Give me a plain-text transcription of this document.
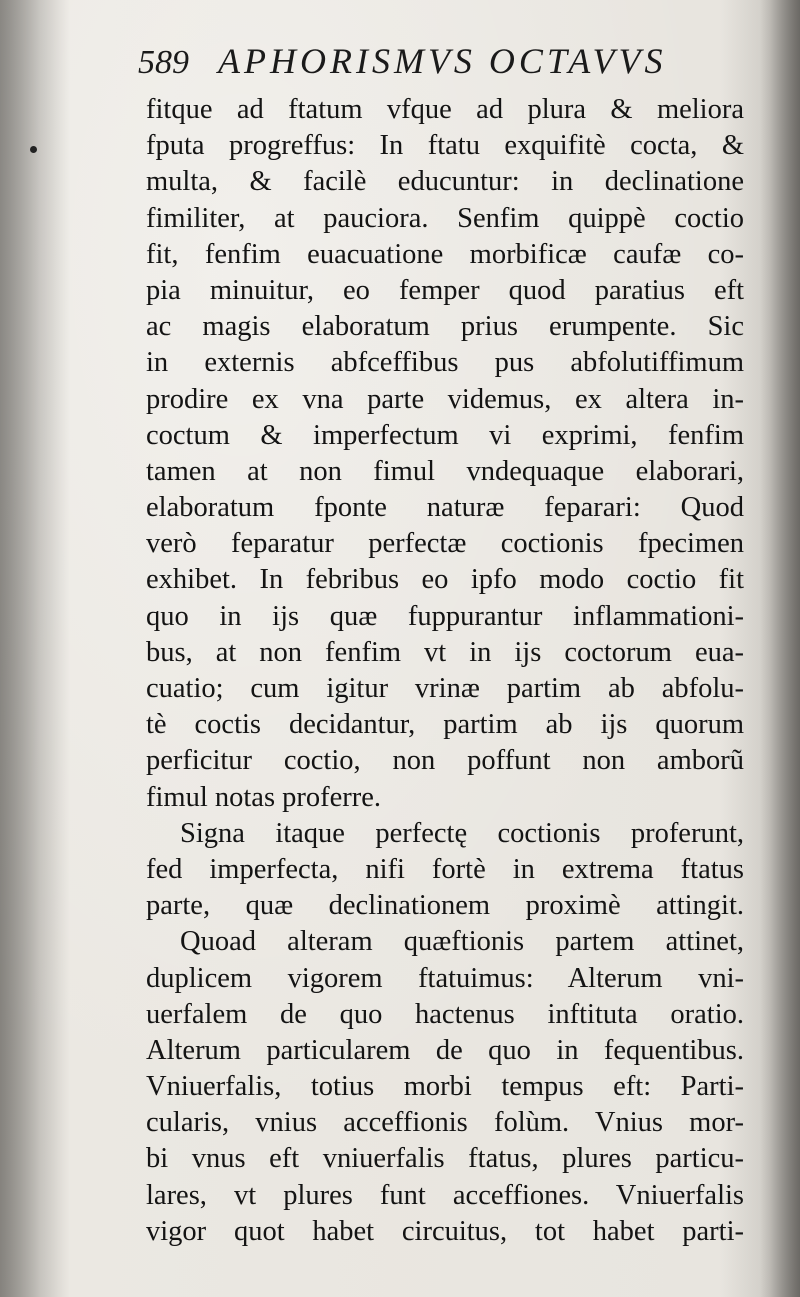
589 APHORISMVS OCTAVVS
fitque ad ftatum vfque ad plura & meliora
fputa progreffus: In ftatu exquifitè cocta, &
multa, & facilè educuntur: in declinatione
fimiliter, at pauciora. Senfim quippè coctio
fit, fenfim euacuatione morbificæ caufæ co-
pia minuitur, eo femper quod paratius eft
ac magis elaboratum prius erumpente. Sic
in externis abfceffibus pus abfolutiffimum
prodire ex vna parte videmus, ex altera in-
coctum & imperfectum vi exprimi, fenfim
tamen at non fimul vndequaque elaborari,
elaboratum fponte naturæ feparari: Quod
verò feparatur perfectæ coctionis fpecimen
exhibet. In febribus eo ipfo modo coctio fit
quo in ijs quæ fuppurantur inflammationi-
bus, at non fenfim vt in ijs coctorum eua-
cuatio; cum igitur vrinæ partim ab abfolu-
tè coctis decidantur, partim ab ijs quorum
perficitur coctio, non poffunt non amborũ
fimul notas proferre.
Signa itaque perfectę coctionis proferunt,
fed imperfecta, nifi fortè in extrema ftatus
parte, quæ declinationem proximè attingit.
Quoad alteram quæftionis partem attinet,
duplicem vigorem ftatuimus: Alterum vni-
uerfalem de quo hactenus inftituta oratio.
Alterum particularem de quo in fequentibus.
Vniuerfalis, totius morbi tempus eft: Parti-
cularis, vnius acceffionis folùm. Vnius mor-
bi vnus eft vniuerfalis ftatus, plures particu-
lares, vt plures funt acceffiones. Vniuerfalis
vigor quot habet circuitus, tot habet parti-
